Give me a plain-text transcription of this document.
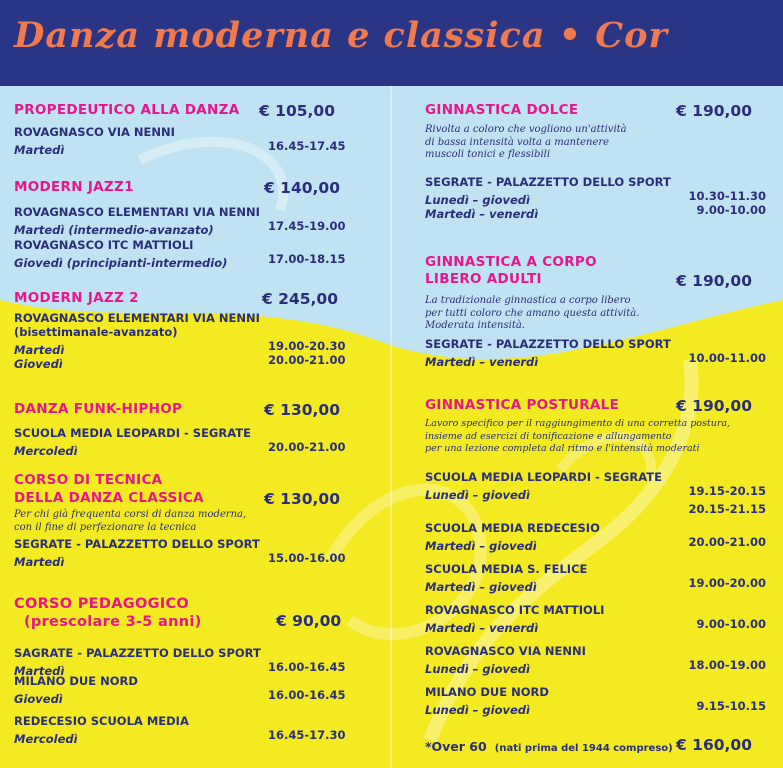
Danza moderna e classica • Cor
PROPEDEUTICO ALLA DANZA € 105,00
ROVAGNASCO VIA NENNI
Martedì	16.45-17.45
MODERN JAZZ1	€ 140,00
ROVAGNASCO ELEMENTARI VIA NENNI
Martedì (intermedio-avanzato)	17.45-19.00
ROVAGNASCO ITC MATTIOLI
Giovedì (principianti-intermedio)	17.00-18.15
MODERN JAZZ 2	€ 245,00
ROVAGNASCO ELEMENTARI VIA NENNI
(bisettimanale-avanzato)
Martedì	19.00-20.30
Giovedì	20.00-21.00
DANZA FUNK-HIPHOP	€ 130,00
SCUOLA MEDIA LEOPARDI - SEGRATE
Mercoledì	20.00-21.00
CORSO DI TECNICA
DELLA DANZA CLASSICA	€ 130,00
Per chi già frequenta corsi di danza moderna,
con il fine di perfezionare la tecnica
SEGRATE - PALAZZETTO DELLO SPORT
Martedì	15.00-16.00
CORSO PEDAGOGICO
(prescolare 3-5 anni)	€ 90,00
SAGRATE - PALAZZETTO DELLO SPORT
Martedì	16.00-16.45
MILANO DUE NORD
Giovedì	16.00-16.45
REDECESIO SCUOLA MEDIA
Mercoledì	16.45-17.30
GINNASTICA DOLCE	€ 190,00
Rivolta a coloro che vogliono un'attività
di bassa intensità volta a mantenere
muscoli tonici e flessibili
SEGRATE - PALAZZETTO DELLO SPORT
Lunedì – giovedì	10.30-11.30
Martedì – venerdì	9.00-10.00
GINNASTICA A CORPO
LIBERO ADULTI	€ 190,00
La tradizionale ginnastica a corpo libero
per tutti coloro che amano questa attività.
Moderata intensità.
SEGRATE - PALAZZETTO DELLO SPORT
Martedì – venerdì	10.00-11.00
GINNASTICA POSTURALE	€ 190,00
Lavoro specifico per il raggiungimento di una corretta postura,
insieme ad esercizi di tonificazione e allungamento
per una lezione completa dal ritmo e l'intensità moderati
SCUOLA MEDIA LEOPARDI - SEGRATE
Lunedì – giovedì	19.15-20.15
20.15-21.15
SCUOLA MEDIA REDECESIO
Martedì – giovedì	20.00-21.00
SCUOLA MEDIA S. FELICE
Martedì – giovedì	19.00-20.00
ROVAGNASCO ITC MATTIOLI
Martedì – venerdì	9.00-10.00
ROVAGNASCO VIA NENNI
Lunedì – giovedì	18.00-19.00
MILANO DUE NORD
Lunedì – giovedì	9.15-10.15
*Over 60 (nati prima del 1944 compreso) € 160,00
